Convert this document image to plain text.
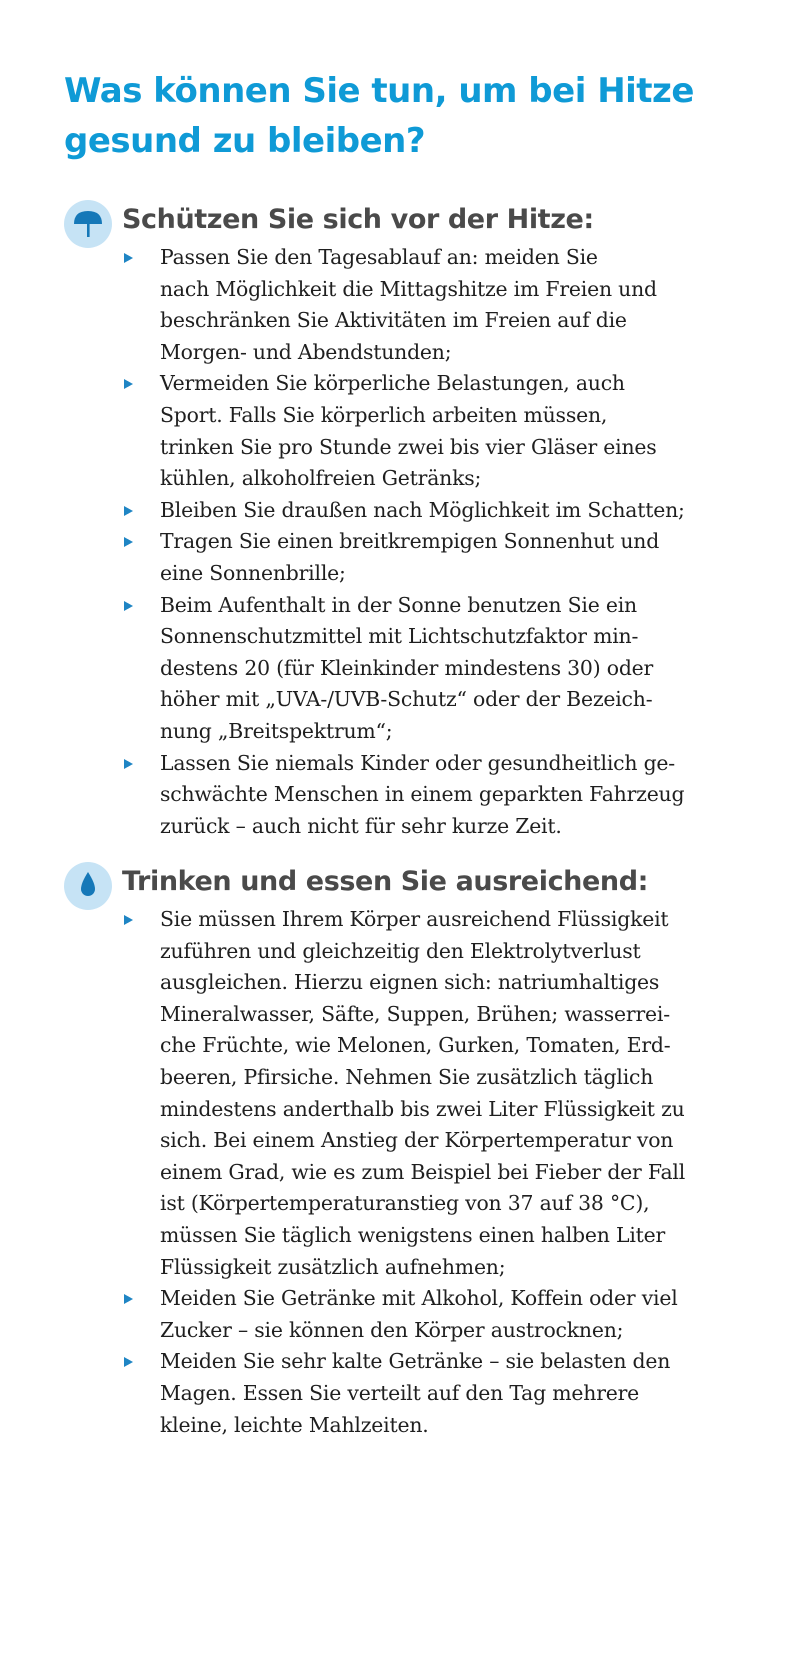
Was können Sie tun, um bei Hitze
gesund zu bleiben?
Schützen Sie sich vor der Hitze:
Passen Sie den Tagesablauf an: meiden Sie
nach Möglichkeit die Mittagshitze im Freien und
beschränken Sie Aktivitäten im Freien auf die
Morgen- und Abendstunden;
Vermeiden Sie körperliche Belastungen, auch
Sport. Falls Sie körperlich arbeiten müssen,
trinken Sie pro Stunde zwei bis vier Gläser eines
kühlen, alkoholfreien Getränks;
Bleiben Sie draußen nach Möglichkeit im Schatten;
Tragen Sie einen breitkrempigen Sonnenhut und
eine Sonnenbrille;
Beim Aufenthalt in der Sonne benutzen Sie ein
Sonnenschutzmittel mit Lichtschutzfaktor min-
destens 20 (für Kleinkinder mindestens 30) oder
höher mit „UVA-/UVB-Schutz“ oder der Bezeich-
nung „Breitspektrum“;
Lassen Sie niemals Kinder oder gesundheitlich ge-
schwächte Menschen in einem geparkten Fahrzeug
zurück – auch nicht für sehr kurze Zeit.
Trinken und essen Sie ausreichend:
Sie müssen Ihrem Körper ausreichend Flüssigkeit
zuführen und gleichzeitig den Elektrolytverlust
ausgleichen. Hierzu eignen sich: natriumhaltiges
Mineralwasser, Säfte, Suppen, Brühen; wasserrei-
che Früchte, wie Melonen, Gurken, Tomaten, Erd-
beeren, Pfirsiche. Nehmen Sie zusätzlich täglich
mindestens anderthalb bis zwei Liter Flüssigkeit zu
sich. Bei einem Anstieg der Körpertemperatur von
einem Grad, wie es zum Beispiel bei Fieber der Fall
ist (Körpertemperaturanstieg von 37 auf 38 °C),
müssen Sie täglich wenigstens einen halben Liter
Flüssigkeit zusätzlich aufnehmen;
Meiden Sie Getränke mit Alkohol, Koffein oder viel
Zucker – sie können den Körper austrocknen;
Meiden Sie sehr kalte Getränke – sie belasten den
Magen. Essen Sie verteilt auf den Tag mehrere
kleine, leichte Mahlzeiten.
